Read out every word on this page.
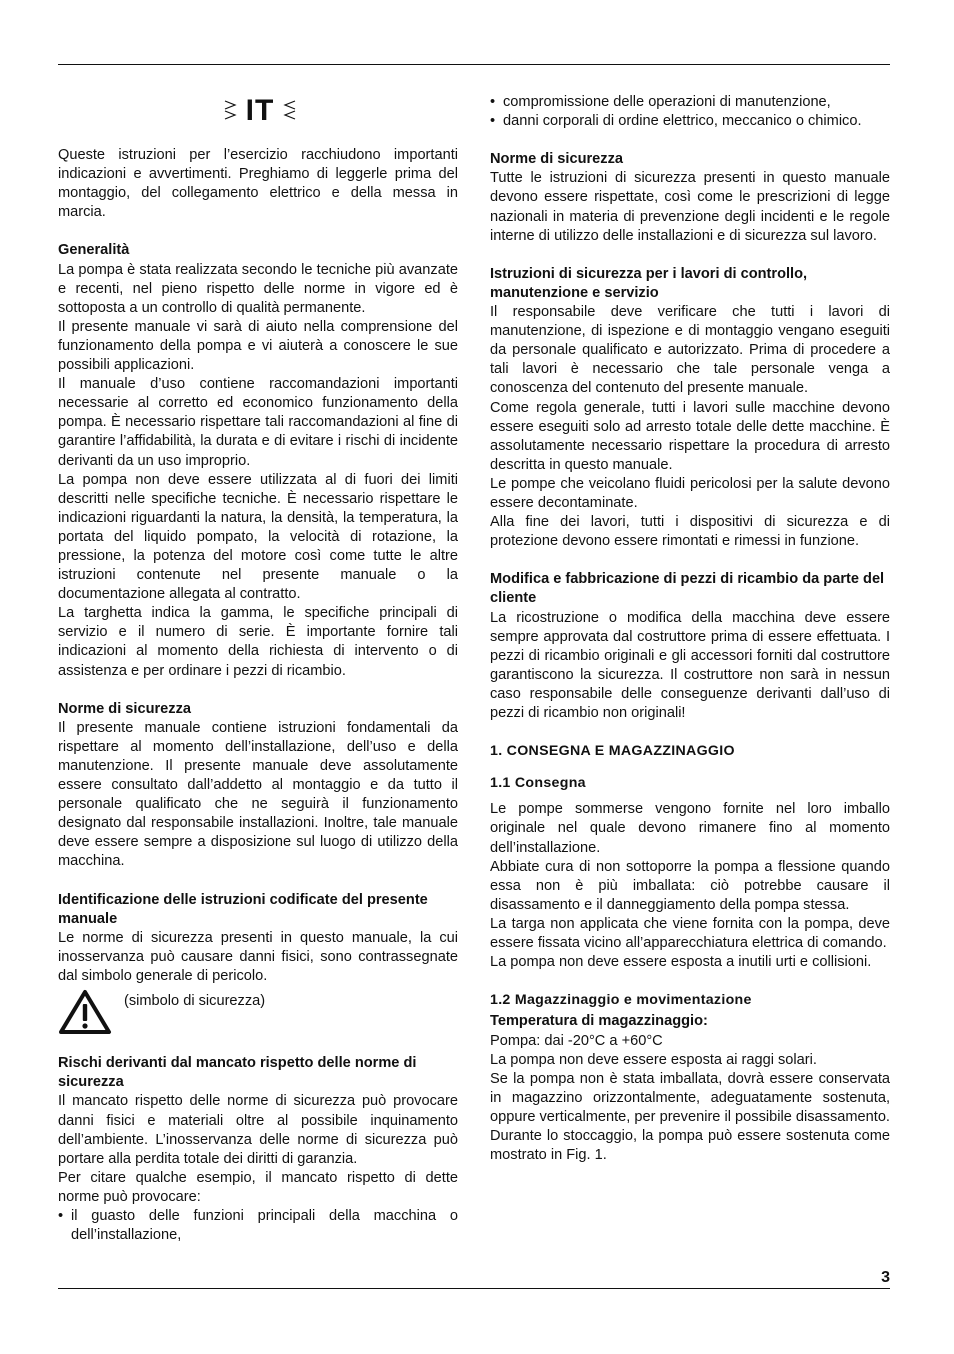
IT

Queste istruzioni per l’esercizio racchiudono importanti indicazioni e avvertimenti. Preghiamo di leggerle prima del montaggio, del collegamento elettrico e della messa in marcia.

Generalità

La pompa è stata realizzata secondo le tecniche più avanzate e recenti, nel pieno rispetto delle norme in vigore ed è sottoposta a un controllo di qualità permanente.

Il presente manuale vi sarà di aiuto nella comprensione del funzionamento della pompa e vi aiuterà a conoscere le sue possibili applicazioni.

Il manuale d’uso contiene raccomandazioni importanti necessarie al corretto ed economico funzionamento della pompa. È necessario rispettare tali raccomandazioni al fine di garantire l’affidabilità, la durata e di evitare i rischi di incidente derivanti da un uso improprio.

La pompa non deve essere utilizzata al di fuori dei limiti descritti nelle specifiche tecniche. È necessario rispettare le indicazioni riguardanti la natura, la densità, la temperatura, la portata del liquido pompato, la velocità di rotazione, la pressione, la potenza del motore così come tutte le altre istruzioni contenute nel presente manuale o la documentazione allegata al contratto.

La targhetta indica la gamma, le specifiche principali di servizio e il numero di serie. È importante fornire tali indicazioni al momento della richiesta di intervento o di assistenza e per ordinare i pezzi di ricambio.

Norme di sicurezza

Il presente manuale contiene istruzioni fondamentali da rispettare al momento dell’installazione, dell’uso e della manutenzione. Il presente manuale deve assolutamente essere consultato dall’addetto al montaggio e da tutto il personale qualificato che ne seguirà il funzionamento designato dal responsabile installazioni. Inoltre, tale manuale deve essere sempre a disposizione sul luogo di utilizzo della macchina.

Identificazione delle istruzioni codificate del presente manuale

Le norme di sicurezza presenti in questo manuale, la cui inosservanza può causare danni fisici, sono contrassegnate dal simbolo generale di pericolo.

(simbolo di sicurezza)

Rischi derivanti dal mancato rispetto delle norme di sicurezza

Il mancato rispetto delle norme di sicurezza può provocare danni fisici e materiali oltre al possibile inquinamento dell’ambiente. L’inosservanza delle norme di sicurezza può portare alla perdita totale dei diritti di garanzia.

Per citare qualche esempio, il mancato rispetto di dette norme può provocare:

• il guasto delle funzioni principali della macchina o dell’installazione,
• compromissione delle operazioni di manutenzione,
• danni corporali di ordine elettrico, meccanico o chimico.

Norme di sicurezza

Tutte le istruzioni di sicurezza presenti in questo manuale devono essere rispettate, così come le prescrizioni di legge nazionali in materia di prevenzione degli incidenti e le regole interne di utilizzo delle installazioni e di sicurezza sul lavoro.

Istruzioni di sicurezza per i lavori di controllo, manutenzione e servizio

Il responsabile deve verificare che tutti i lavori di manutenzione, di ispezione e di montaggio vengano eseguiti da personale qualificato e autorizzato. Prima di procedere a tali lavori è necessario che tale personale venga a conoscenza del contenuto del presente manuale.

Come regola generale, tutti i lavori sulle macchine devono essere eseguiti solo ad arresto totale delle dette macchine. È assolutamente necessario rispettare la procedura di arresto descritta in questo manuale.

Le pompe che veicolano fluidi pericolosi per la salute devono essere decontaminate.

Alla fine dei lavori, tutti i dispositivi di sicurezza e di protezione devono essere rimontati e rimessi in funzione.

Modifica e fabbricazione di pezzi di ricambio da parte del cliente

La ricostruzione o modifica della macchina deve essere sempre approvata dal costruttore prima di essere effettuata. I pezzi di ricambio originali e gli accessori forniti dal costruttore garantiscono la sicurezza. Il costruttore non sarà in nessun caso responsabile delle conseguenze derivanti dall’uso di pezzi di ricambio non originali!

1. CONSEGNA E MAGAZZINAGGIO

1.1 Consegna

Le pompe sommerse vengono fornite nel loro imballo originale nel quale devono rimanere fino al momento dell’installazione.

Abbiate cura di non sottoporre la pompa a flessione quando essa non è più imballata: ciò potrebbe causare il disassamento e il danneggiamento della pompa stessa.

La targa non applicata che viene fornita con la pompa, deve essere fissata vicino all’apparecchiatura elettrica di comando.

La pompa non deve essere esposta a inutili urti e collisioni.

1.2 Magazzinaggio e movimentazione

Temperatura di magazzinaggio:

Pompa: dai -20°C a +60°C

La pompa non deve essere esposta ai raggi solari.

Se la pompa non è stata imballata, dovrà essere conservata in magazzino orizzontalmente, adeguatamente sostenuta, oppure verticalmente, per prevenire il possibile disassamento. Durante lo stoccaggio, la pompa può essere sostenuta come mostrato in Fig. 1.

3
